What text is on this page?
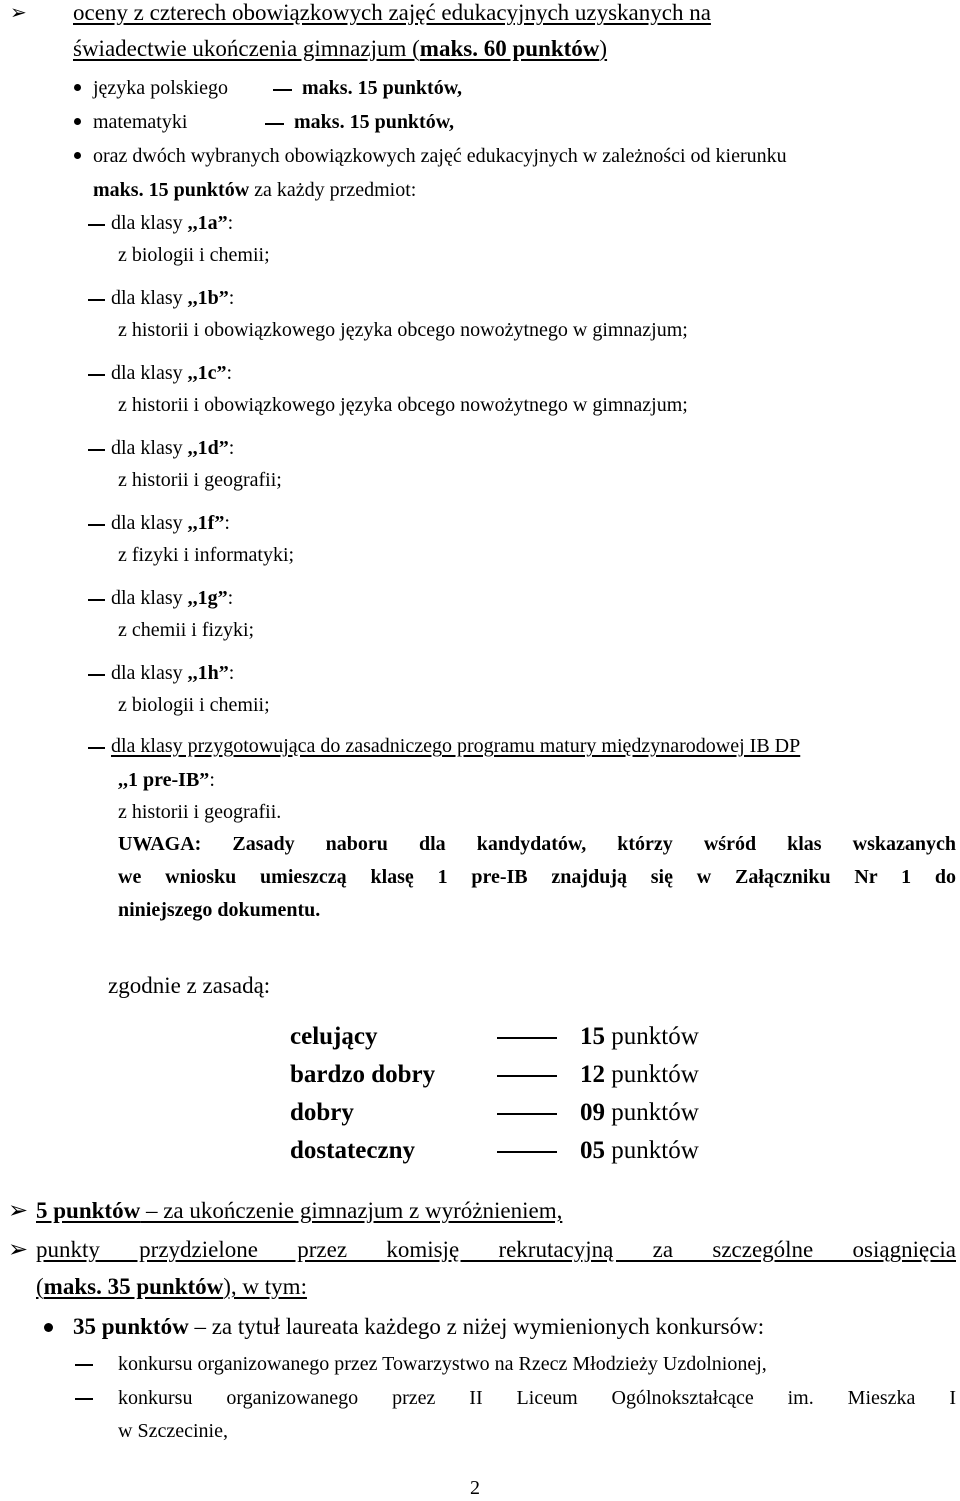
➢ oceny z czterech obowiązkowych zajęć edukacyjnych uzyskanych na
świadectwie ukończenia gimnazjum (maks. 60 punktów)
języka polskiego	maks. 15 punktów,
matematyki	maks. 15 punktów,
oraz dwóch wybranych obowiązkowych zajęć edukacyjnych w zależności od kierunku
maks. 15 punktów za każdy przedmiot:
dla klasy ,,1a”:
z biologii i chemii;
dla klasy ,,1b”:
z historii i obowiązkowego języka obcego nowożytnego w gimnazjum;
dla klasy ,,1c”:
z historii i obowiązkowego języka obcego nowożytnego w gimnazjum;
dla klasy ,,1d”:
z historii i geografii;
dla klasy ,,1f”:
z fizyki i informatyki;
dla klasy ,,1g”:
z chemii i fizyki;
dla klasy ,,1h”:
z biologii i chemii;
dla klasy przygotowująca do zasadniczego programu matury międzynarodowej IB DP
,,1 pre-IB”:
z historii i geografii.
UWAGA: Zasady naboru dla kandydatów, którzy wśród klas wskazanych
we wniosku umieszczą klasę 1 pre-IB znajdują się w Załączniku Nr 1 do
niniejszego dokumentu.
zgodnie z zasadą:
celujący	15 punktów
bardzo dobry	12 punktów
dobry	09 punktów
dostateczny	05 punktów
➢ 5 punktów – za ukończenie gimnazjum z wyróżnieniem,
➢ punkty przydzielone przez komisję rekrutacyjną za szczególne osiągnięcia
(maks. 35 punktów), w tym:
35 punktów – za tytuł laureata każdego z niżej wymienionych konkursów:
konkursu organizowanego przez Towarzystwo na Rzecz Młodzieży Uzdolnionej,
konkursu organizowanego przez II Liceum Ogólnokształcące im. Mieszka I
w Szczecinie,
2
